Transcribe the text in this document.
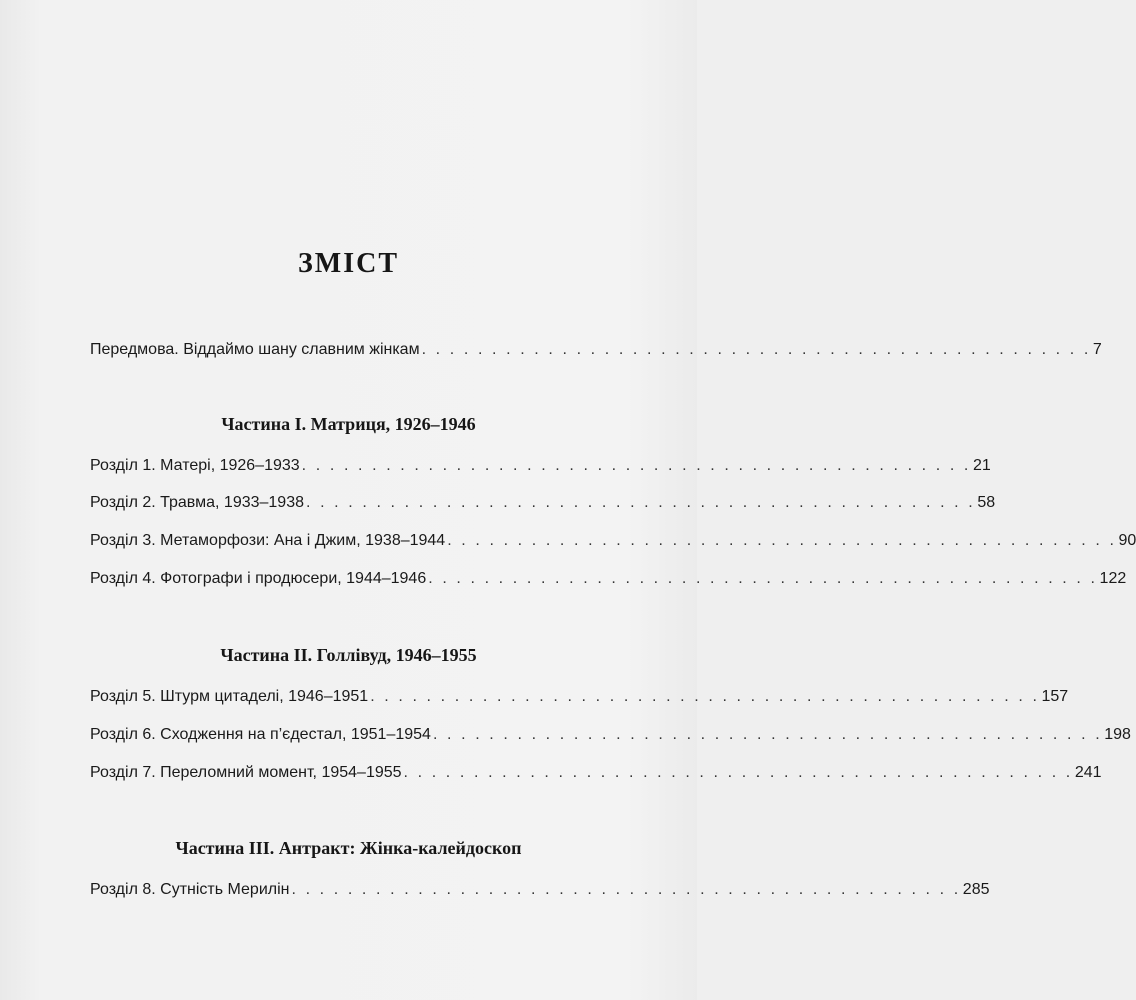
ЗМІСТ
Передмова. Віддаймо шану славним жінкам . . . . . . . . . . . . . . . . . . . . . . . . . . . . . . . . . . . . . . . . . . . . . . . . 7
Частина І. Матриця, 1926–1946
Розділ 1. Матері, 1926–1933 . . . . . . . . . . . . . . . . . . . . . . . . . . . . . . . . . . . . . . . . . . . . . . . . 21
Розділ 2. Травма, 1933–1938 . . . . . . . . . . . . . . . . . . . . . . . . . . . . . . . . . . . . . . . . . . . . . . . . 58
Розділ 3. Метаморфози: Ана і Джим, 1938–1944 . . . . . . . . . . . . . . . . . . . . . . . . . . . . . . . . . . . . . . . . . . . . . . . . 90
Розділ 4. Фотографи і продюсери, 1944–1946 . . . . . . . . . . . . . . . . . . . . . . . . . . . . . . . . . . . . . . . . . . . . . . . . 122
Частина ІІ. Голлівуд, 1946–1955
Розділ 5. Штурм цитаделі, 1946–1951 . . . . . . . . . . . . . . . . . . . . . . . . . . . . . . . . . . . . . . . . . . . . . . . . 157
Розділ 6. Сходження на п’єдестал, 1951–1954 . . . . . . . . . . . . . . . . . . . . . . . . . . . . . . . . . . . . . . . . . . . . . . . . 198
Розділ 7. Переломний момент, 1954–1955 . . . . . . . . . . . . . . . . . . . . . . . . . . . . . . . . . . . . . . . . . . . . . . . . 241
Частина ІІІ. Антракт: Жінка-калейдоскоп
Розділ 8. Сутність Мерилін . . . . . . . . . . . . . . . . . . . . . . . . . . . . . . . . . . . . . . . . . . . . . . . . 285
